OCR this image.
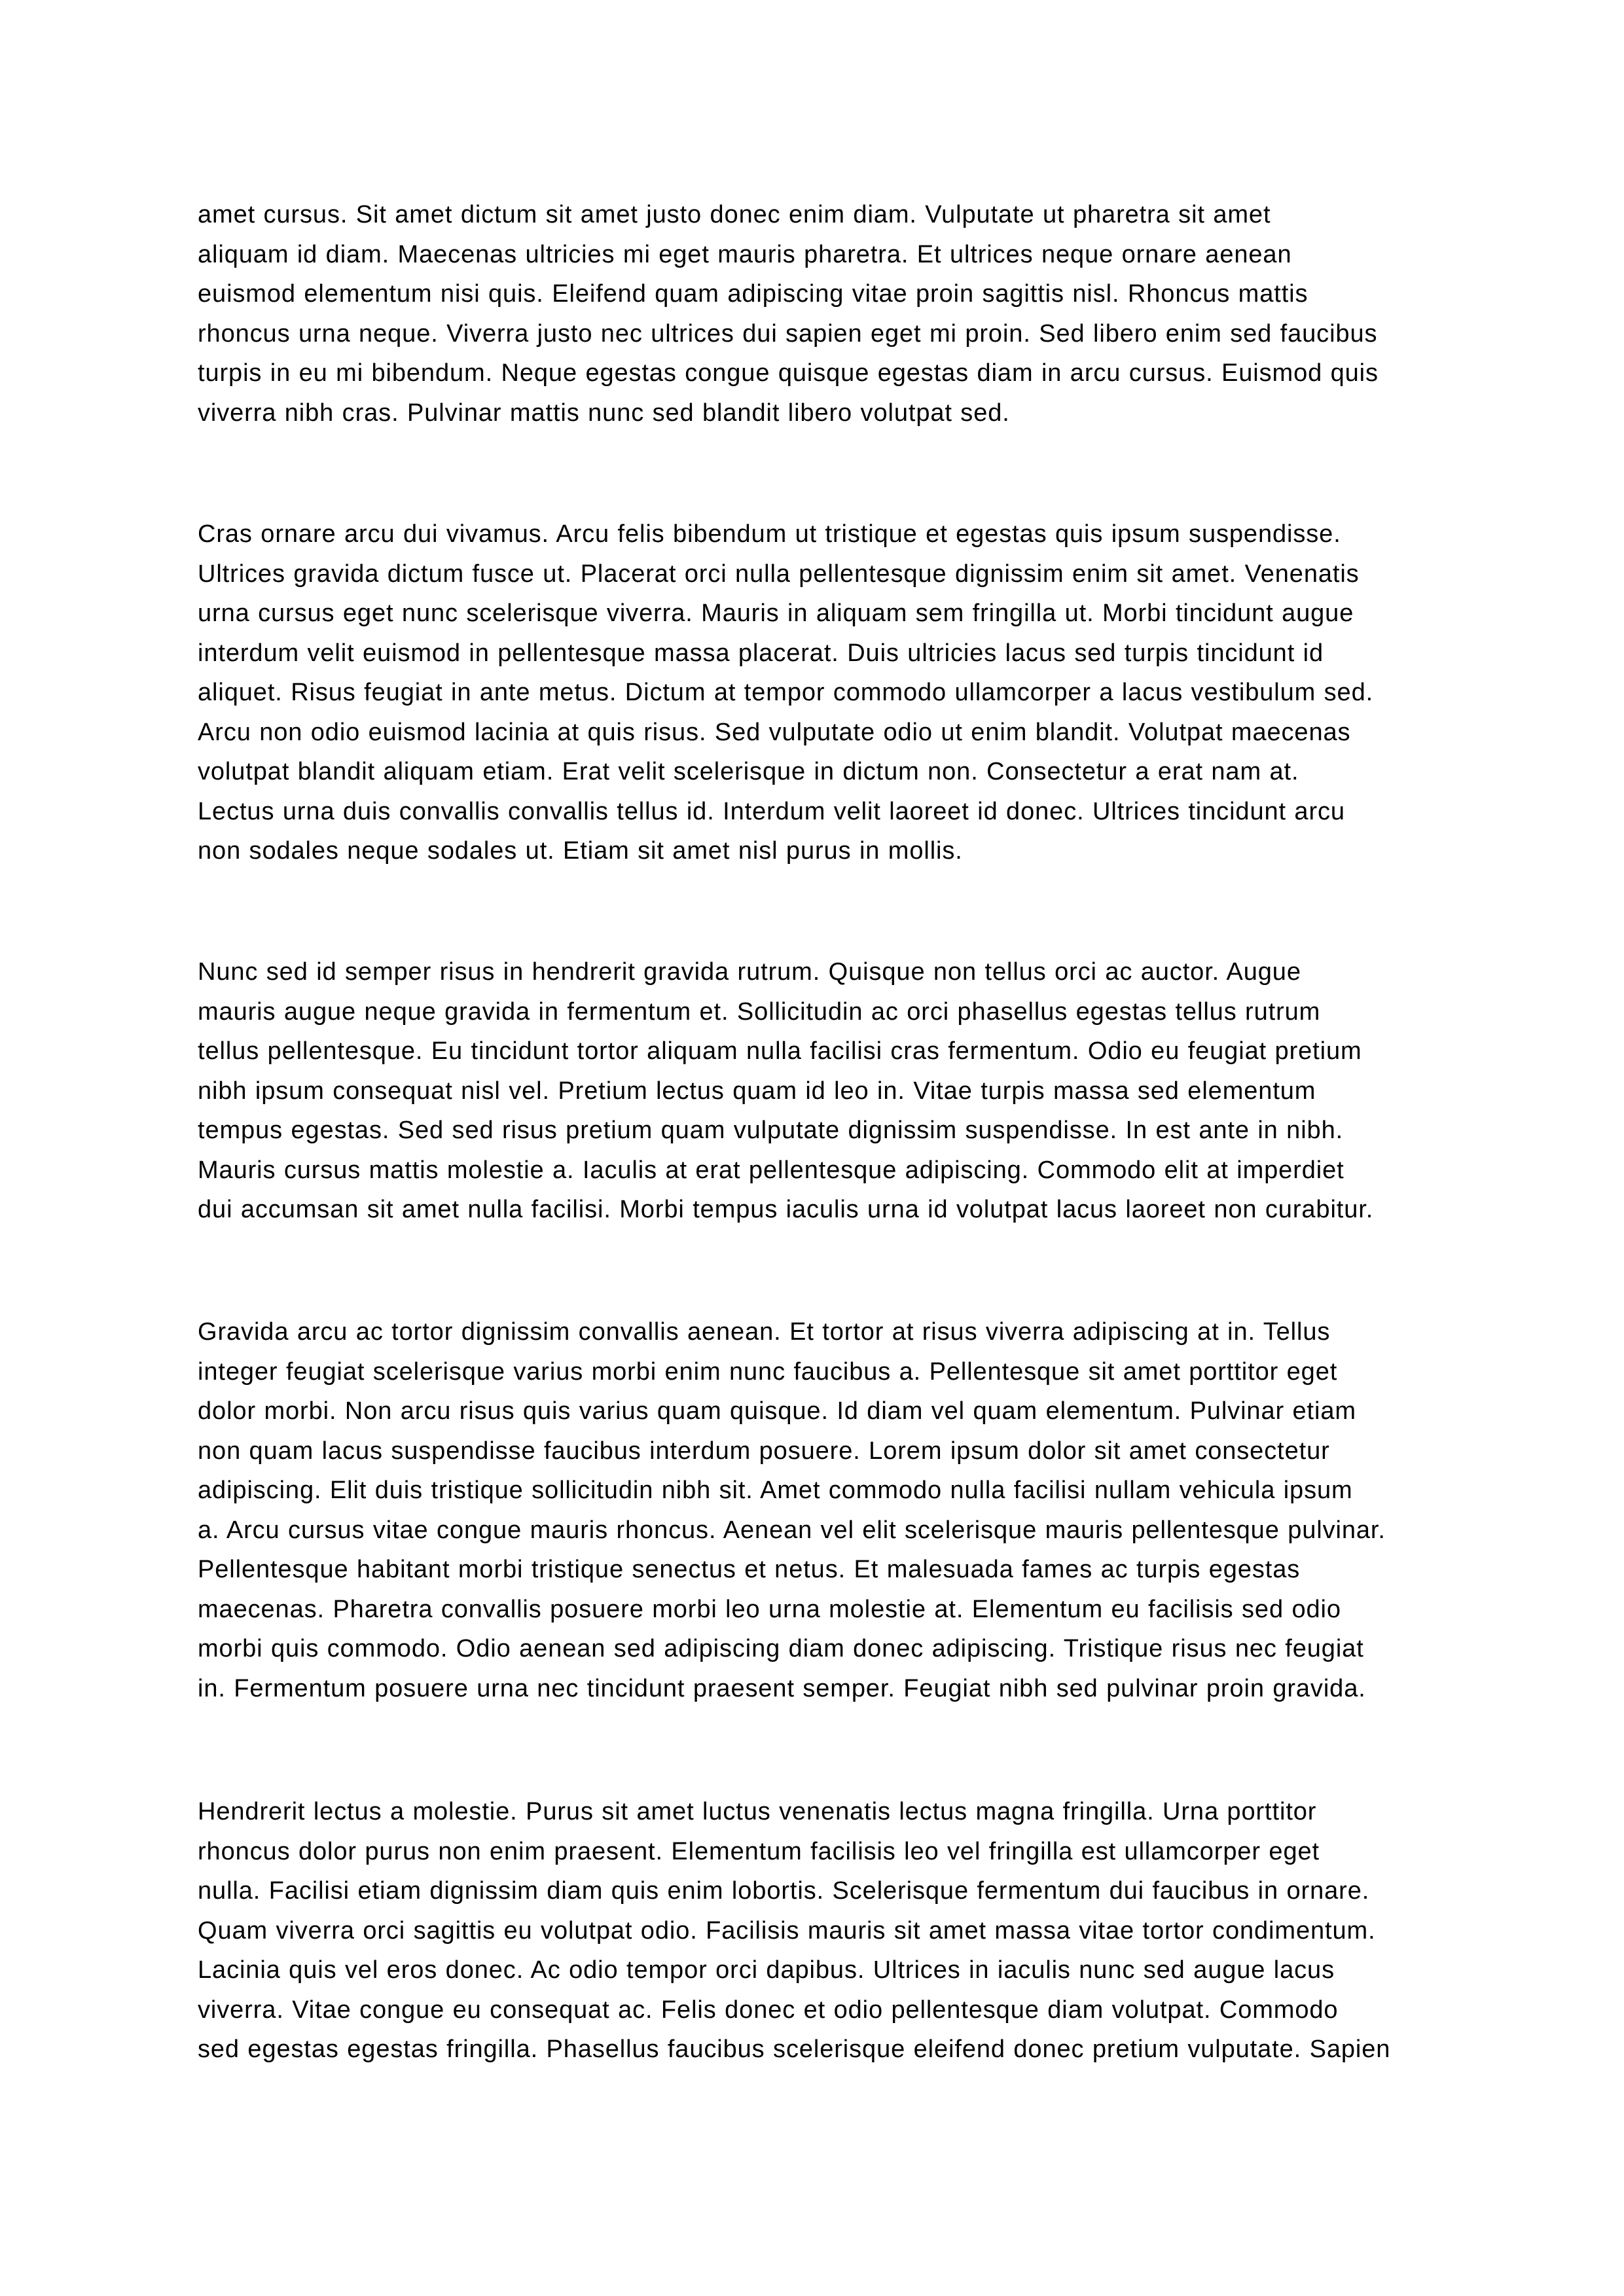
amet cursus. Sit amet dictum sit amet justo donec enim diam. Vulputate ut pharetra sit amet
aliquam id diam. Maecenas ultricies mi eget mauris pharetra. Et ultrices neque ornare aenean
euismod elementum nisi quis. Eleifend quam adipiscing vitae proin sagittis nisl. Rhoncus mattis
rhoncus urna neque. Viverra justo nec ultrices dui sapien eget mi proin. Sed libero enim sed faucibus
turpis in eu mi bibendum. Neque egestas congue quisque egestas diam in arcu cursus. Euismod quis
viverra nibh cras. Pulvinar mattis nunc sed blandit libero volutpat sed.
Cras ornare arcu dui vivamus. Arcu felis bibendum ut tristique et egestas quis ipsum suspendisse.
Ultrices gravida dictum fusce ut. Placerat orci nulla pellentesque dignissim enim sit amet. Venenatis
urna cursus eget nunc scelerisque viverra. Mauris in aliquam sem fringilla ut. Morbi tincidunt augue
interdum velit euismod in pellentesque massa placerat. Duis ultricies lacus sed turpis tincidunt id
aliquet. Risus feugiat in ante metus. Dictum at tempor commodo ullamcorper a lacus vestibulum sed.
Arcu non odio euismod lacinia at quis risus. Sed vulputate odio ut enim blandit. Volutpat maecenas
volutpat blandit aliquam etiam. Erat velit scelerisque in dictum non. Consectetur a erat nam at.
Lectus urna duis convallis convallis tellus id. Interdum velit laoreet id donec. Ultrices tincidunt arcu
non sodales neque sodales ut. Etiam sit amet nisl purus in mollis.
Nunc sed id semper risus in hendrerit gravida rutrum. Quisque non tellus orci ac auctor. Augue
mauris augue neque gravida in fermentum et. Sollicitudin ac orci phasellus egestas tellus rutrum
tellus pellentesque. Eu tincidunt tortor aliquam nulla facilisi cras fermentum. Odio eu feugiat pretium
nibh ipsum consequat nisl vel. Pretium lectus quam id leo in. Vitae turpis massa sed elementum
tempus egestas. Sed sed risus pretium quam vulputate dignissim suspendisse. In est ante in nibh.
Mauris cursus mattis molestie a. Iaculis at erat pellentesque adipiscing. Commodo elit at imperdiet
dui accumsan sit amet nulla facilisi. Morbi tempus iaculis urna id volutpat lacus laoreet non curabitur.
Gravida arcu ac tortor dignissim convallis aenean. Et tortor at risus viverra adipiscing at in. Tellus
integer feugiat scelerisque varius morbi enim nunc faucibus a. Pellentesque sit amet porttitor eget
dolor morbi. Non arcu risus quis varius quam quisque. Id diam vel quam elementum. Pulvinar etiam
non quam lacus suspendisse faucibus interdum posuere. Lorem ipsum dolor sit amet consectetur
adipiscing. Elit duis tristique sollicitudin nibh sit. Amet commodo nulla facilisi nullam vehicula ipsum
a. Arcu cursus vitae congue mauris rhoncus. Aenean vel elit scelerisque mauris pellentesque pulvinar.
Pellentesque habitant morbi tristique senectus et netus. Et malesuada fames ac turpis egestas
maecenas. Pharetra convallis posuere morbi leo urna molestie at. Elementum eu facilisis sed odio
morbi quis commodo. Odio aenean sed adipiscing diam donec adipiscing. Tristique risus nec feugiat
in. Fermentum posuere urna nec tincidunt praesent semper. Feugiat nibh sed pulvinar proin gravida.
Hendrerit lectus a molestie. Purus sit amet luctus venenatis lectus magna fringilla. Urna porttitor
rhoncus dolor purus non enim praesent. Elementum facilisis leo vel fringilla est ullamcorper eget
nulla. Facilisi etiam dignissim diam quis enim lobortis. Scelerisque fermentum dui faucibus in ornare.
Quam viverra orci sagittis eu volutpat odio. Facilisis mauris sit amet massa vitae tortor condimentum.
Lacinia quis vel eros donec. Ac odio tempor orci dapibus. Ultrices in iaculis nunc sed augue lacus
viverra. Vitae congue eu consequat ac. Felis donec et odio pellentesque diam volutpat. Commodo
sed egestas egestas fringilla. Phasellus faucibus scelerisque eleifend donec pretium vulputate. Sapien
